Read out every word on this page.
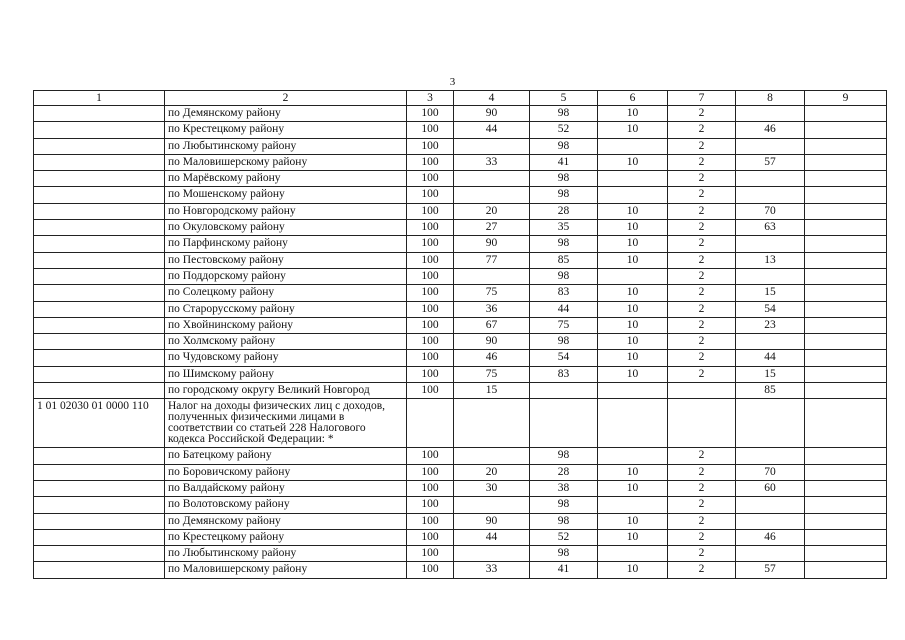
3
1	2	3	4	5	6	7	8	9
	по Демянскому району	100	90	98	10	2		
	по Крестецкому району	100	44	52	10	2	46	
	по Любытинскому району	100		98		2		
	по Маловишерскому району	100	33	41	10	2	57	
	по Марёвскому району	100		98		2		
	по Мошенскому району	100		98		2		
	по Новгородскому району	100	20	28	10	2	70	
	по Окуловскому району	100	27	35	10	2	63	
	по Парфинскому району	100	90	98	10	2		
	по Пестовскому району	100	77	85	10	2	13	
	по Поддорскому району	100		98		2		
	по Солецкому району	100	75	83	10	2	15	
	по Старорусскому району	100	36	44	10	2	54	
	по Хвойнинскому району	100	67	75	10	2	23	
	по Холмскому району	100	90	98	10	2		
	по Чудовскому району	100	46	54	10	2	44	
	по Шимскому району	100	75	83	10	2	15	
	по городскому округу Великий Новгород	100	15				85	
1 01 02030 01 0000 110	Налог на доходы физических лиц с доходов, полученных физическими лицами в соответствии со статьей 228 Налогового кодекса Российской Федерации: *							
	по Батецкому району	100		98		2		
	по Боровичскому району	100	20	28	10	2	70	
	по Валдайскому району	100	30	38	10	2	60	
	по Волотовскому району	100		98		2		
	по Демянскому району	100	90	98	10	2		
	по Крестецкому району	100	44	52	10	2	46	
	по Любытинскому району	100		98		2		
	по Маловишерскому району	100	33	41	10	2	57	
